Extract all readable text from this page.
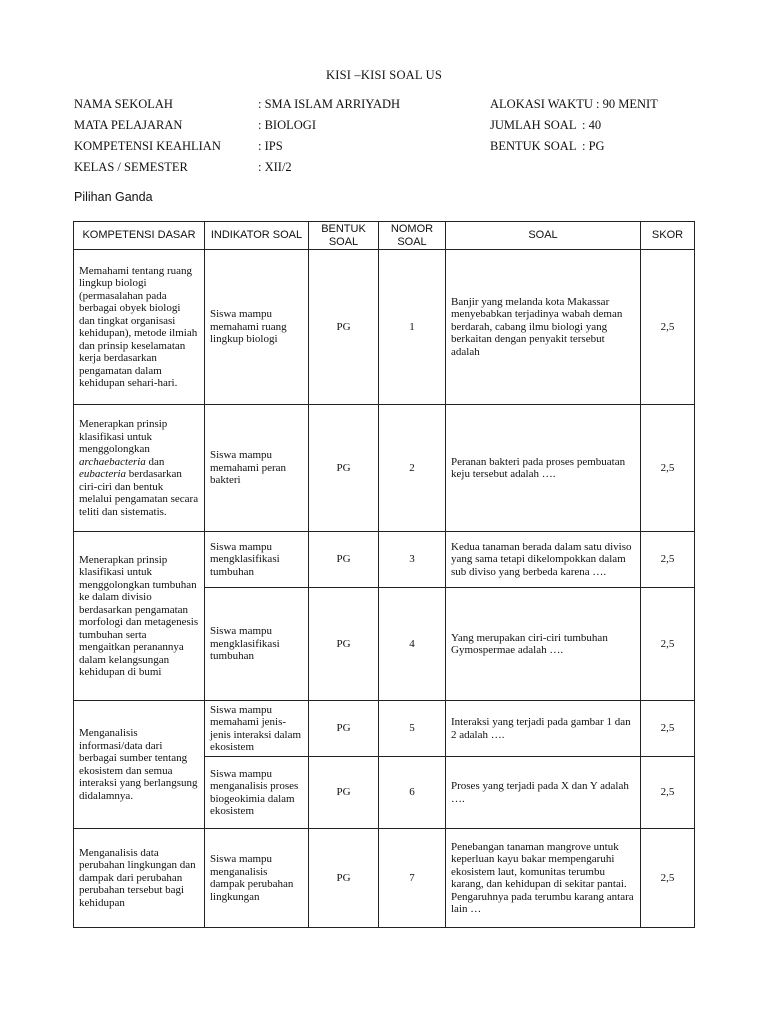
KISI –KISI SOAL US
NAMA SEKOLAH	: SMA ISLAM ARRIYADH
MATA PELAJARAN	: BIOLOGI
KOMPETENSI KEAHLIAN	: IPS
KELAS / SEMESTER	: XII/2
ALOKASI WAKTU : 90 MENIT
JUMLAH SOAL : 40
BENTUK SOAL : PG
Pilihan Ganda
KOMPETENSI DASAR	INDIKATOR SOAL	BENTUK SOAL	NOMOR SOAL	SOAL	SKOR
Memahami tentang ruang lingkup biologi (permasalahan pada berbagai obyek biologi dan tingkat organisasi kehidupan), metode ilmiah dan prinsip keselamatan kerja berdasarkan pengamatan dalam kehidupan sehari-hari.	Siswa mampu memahami ruang lingkup biologi	PG	1	Banjir yang melanda kota Makassar menyebabkan terjadinya wabah deman berdarah, cabang ilmu biologi yang berkaitan dengan penyakit tersebut adalah	2,5
Menerapkan prinsip klasifikasi untuk menggolongkan archaebacteria dan eubacteria berdasarkan ciri-ciri dan bentuk melalui pengamatan secara teliti dan sistematis.	Siswa mampu memahami peran bakteri	PG	2	Peranan bakteri pada proses pembuatan keju tersebut adalah ….	2,5
Menerapkan prinsip klasifikasi untuk menggolongkan tumbuhan ke dalam divisio berdasarkan pengamatan morfologi dan metagenesis tumbuhan serta mengaitkan peranannya dalam kelangsungan kehidupan di bumi	Siswa mampu mengklasifikasi tumbuhan	PG	3	Kedua tanaman berada dalam satu diviso yang sama tetapi dikelompokkan dalam sub diviso yang berbeda karena ….	2,5
	Siswa mampu mengklasifikasi tumbuhan	PG	4	Yang merupakan ciri-ciri tumbuhan Gymospermae adalah ….	2,5
Menganalisis informasi/data dari berbagai sumber tentang ekosistem dan semua interaksi yang berlangsung didalamnya.	Siswa mampu memahami jenis-jenis interaksi dalam ekosistem	PG	5	Interaksi yang terjadi pada gambar 1 dan 2 adalah ….	2,5
	Siswa mampu menganalisis proses biogeokimia dalam ekosistem	PG	6	Proses yang terjadi pada X dan Y adalah ….	2,5
Menganalisis data perubahan lingkungan dan dampak dari perubahan perubahan tersebut bagi kehidupan	Siswa mampu menganalisis dampak perubahan lingkungan	PG	7	Penebangan tanaman mangrove untuk keperluan kayu bakar mempengaruhi ekosistem laut, komunitas terumbu karang, dan kehidupan di sekitar pantai. Pengaruhnya pada terumbu karang antara lain …	2,5
